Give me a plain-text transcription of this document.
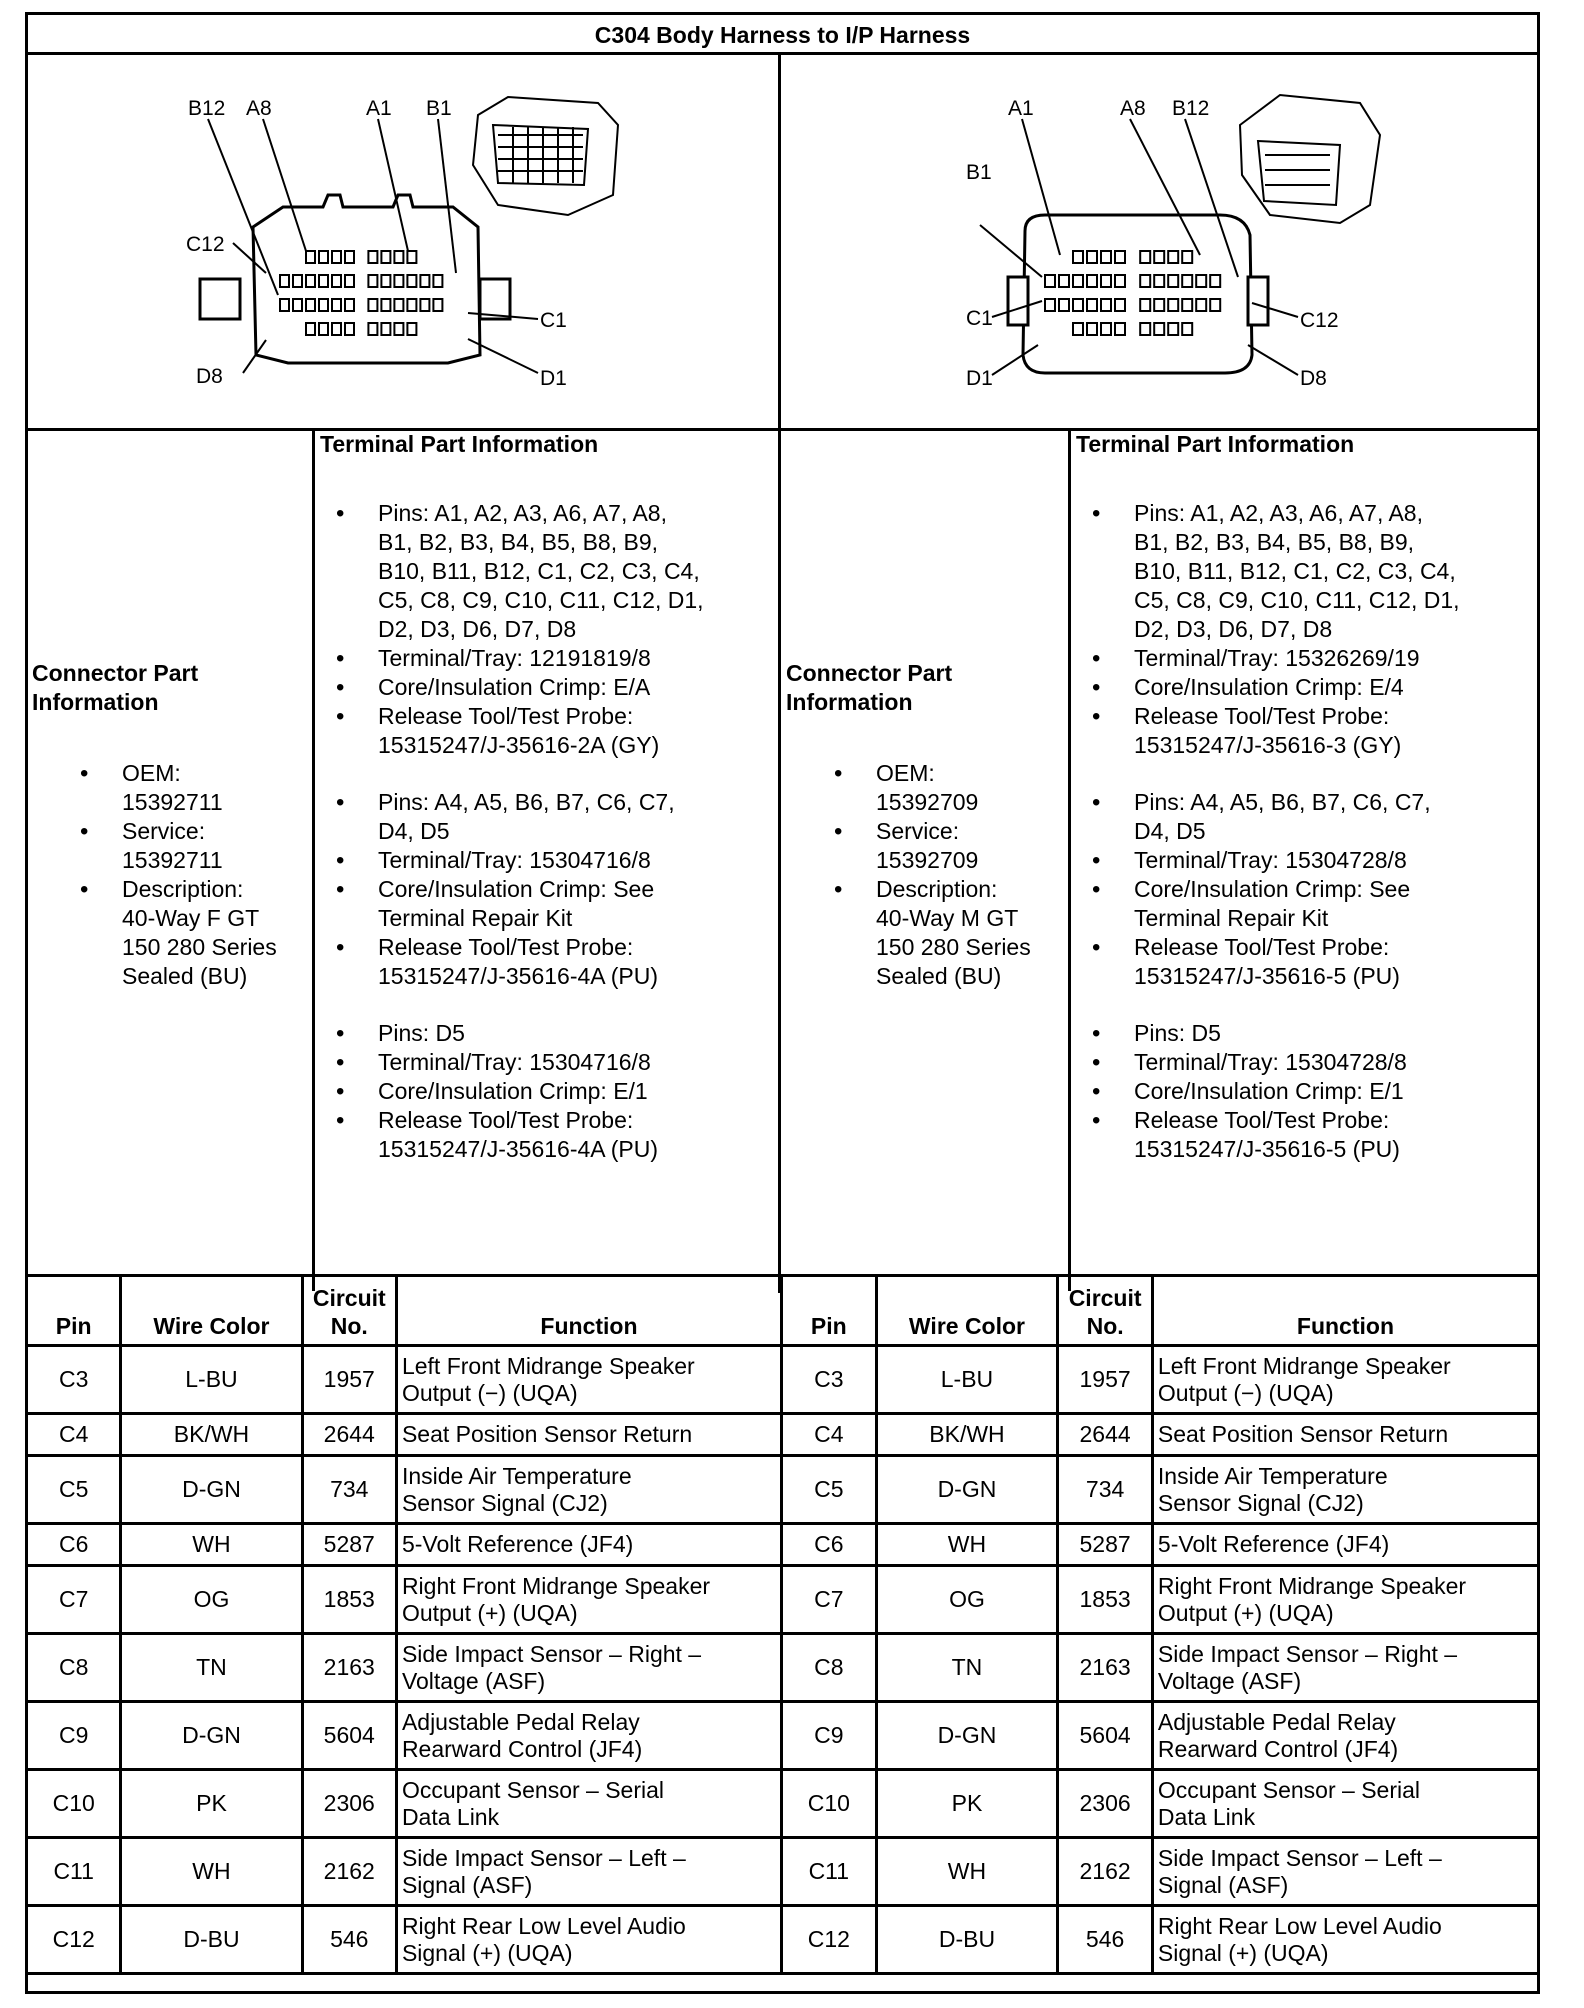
C304 Body Harness to I/P Harness
B12 A8	A1 B1
C12
C1
D8	D1
A1	A8 B12
B1
C1	C12
D1	D8
Connector Part Information
• OEM:
15392711
• Service:
15392711
• Description:
40-Way F GT
150 280 Series
Sealed (BU)
Terminal Part Information
• Pins: A1, A2, A3, A6, A7, A8,
B1, B2, B3, B4, B5, B8, B9,
B10, B11, B12, C1, C2, C3, C4,
C5, C8, C9, C10, C11, C12, D1,
D2, D3, D6, D7, D8
• Terminal/Tray: 12191819/8
• Core/Insulation Crimp: E/A
• Release Tool/Test Probe:
15315247/J-35616-2A (GY)
• Pins: A4, A5, B6, B7, C6, C7,
D4, D5
• Terminal/Tray: 15304716/8
• Core/Insulation Crimp: See
Terminal Repair Kit
• Release Tool/Test Probe:
15315247/J-35616-4A (PU)
• Pins: D5
• Terminal/Tray: 15304716/8
• Core/Insulation Crimp: E/1
• Release Tool/Test Probe:
15315247/J-35616-4A (PU)
Connector Part Information
• OEM:
15392709
• Service:
15392709
• Description:
40-Way M GT
150 280 Series
Sealed (BU)
Terminal Part Information
• Pins: A1, A2, A3, A6, A7, A8,
B1, B2, B3, B4, B5, B8, B9,
B10, B11, B12, C1, C2, C3, C4,
C5, C8, C9, C10, C11, C12, D1,
D2, D3, D6, D7, D8
• Terminal/Tray: 15326269/19
• Core/Insulation Crimp: E/4
• Release Tool/Test Probe:
15315247/J-35616-3 (GY)
• Pins: A4, A5, B6, B7, C6, C7,
D4, D5
• Terminal/Tray: 15304728/8
• Core/Insulation Crimp: See
Terminal Repair Kit
• Release Tool/Test Probe:
15315247/J-35616-5 (PU)
• Pins: D5
• Terminal/Tray: 15304728/8
• Core/Insulation Crimp: E/1
• Release Tool/Test Probe:
15315247/J-35616-5 (PU)
Pin	Wire Color	Circuit
No.	Function
C3	L-BU	1957	Left Front Midrange Speaker
Output (−) (UQA)
C4	BK/WH	2644	Seat Position Sensor Return
C5	D-GN	734	Inside Air Temperature
Sensor Signal (CJ2)
C6	WH	5287	5-Volt Reference (JF4)
C7	OG	1853	Right Front Midrange Speaker
Output (+) (UQA)
C8	TN	2163	Side Impact Sensor – Right –
Voltage (ASF)
C9	D-GN	5604	Adjustable Pedal Relay
Rearward Control (JF4)
C10	PK	2306	Occupant Sensor – Serial
Data Link
C11	WH	2162	Side Impact Sensor – Left –
Signal (ASF)
C12	D-BU	546	Right Rear Low Level Audio
Signal (+) (UQA)
Pin	Wire Color	Circuit
No.	Function
C3	L-BU	1957	Left Front Midrange Speaker
Output (−) (UQA)
C4	BK/WH	2644	Seat Position Sensor Return
C5	D-GN	734	Inside Air Temperature
Sensor Signal (CJ2)
C6	WH	5287	5-Volt Reference (JF4)
C7	OG	1853	Right Front Midrange Speaker
Output (+) (UQA)
C8	TN	2163	Side Impact Sensor – Right –
Voltage (ASF)
C9	D-GN	5604	Adjustable Pedal Relay
Rearward Control (JF4)
C10	PK	2306	Occupant Sensor – Serial
Data Link
C11	WH	2162	Side Impact Sensor – Left –
Signal (ASF)
C12	D-BU	546	Right Rear Low Level Audio
Signal (+) (UQA)
